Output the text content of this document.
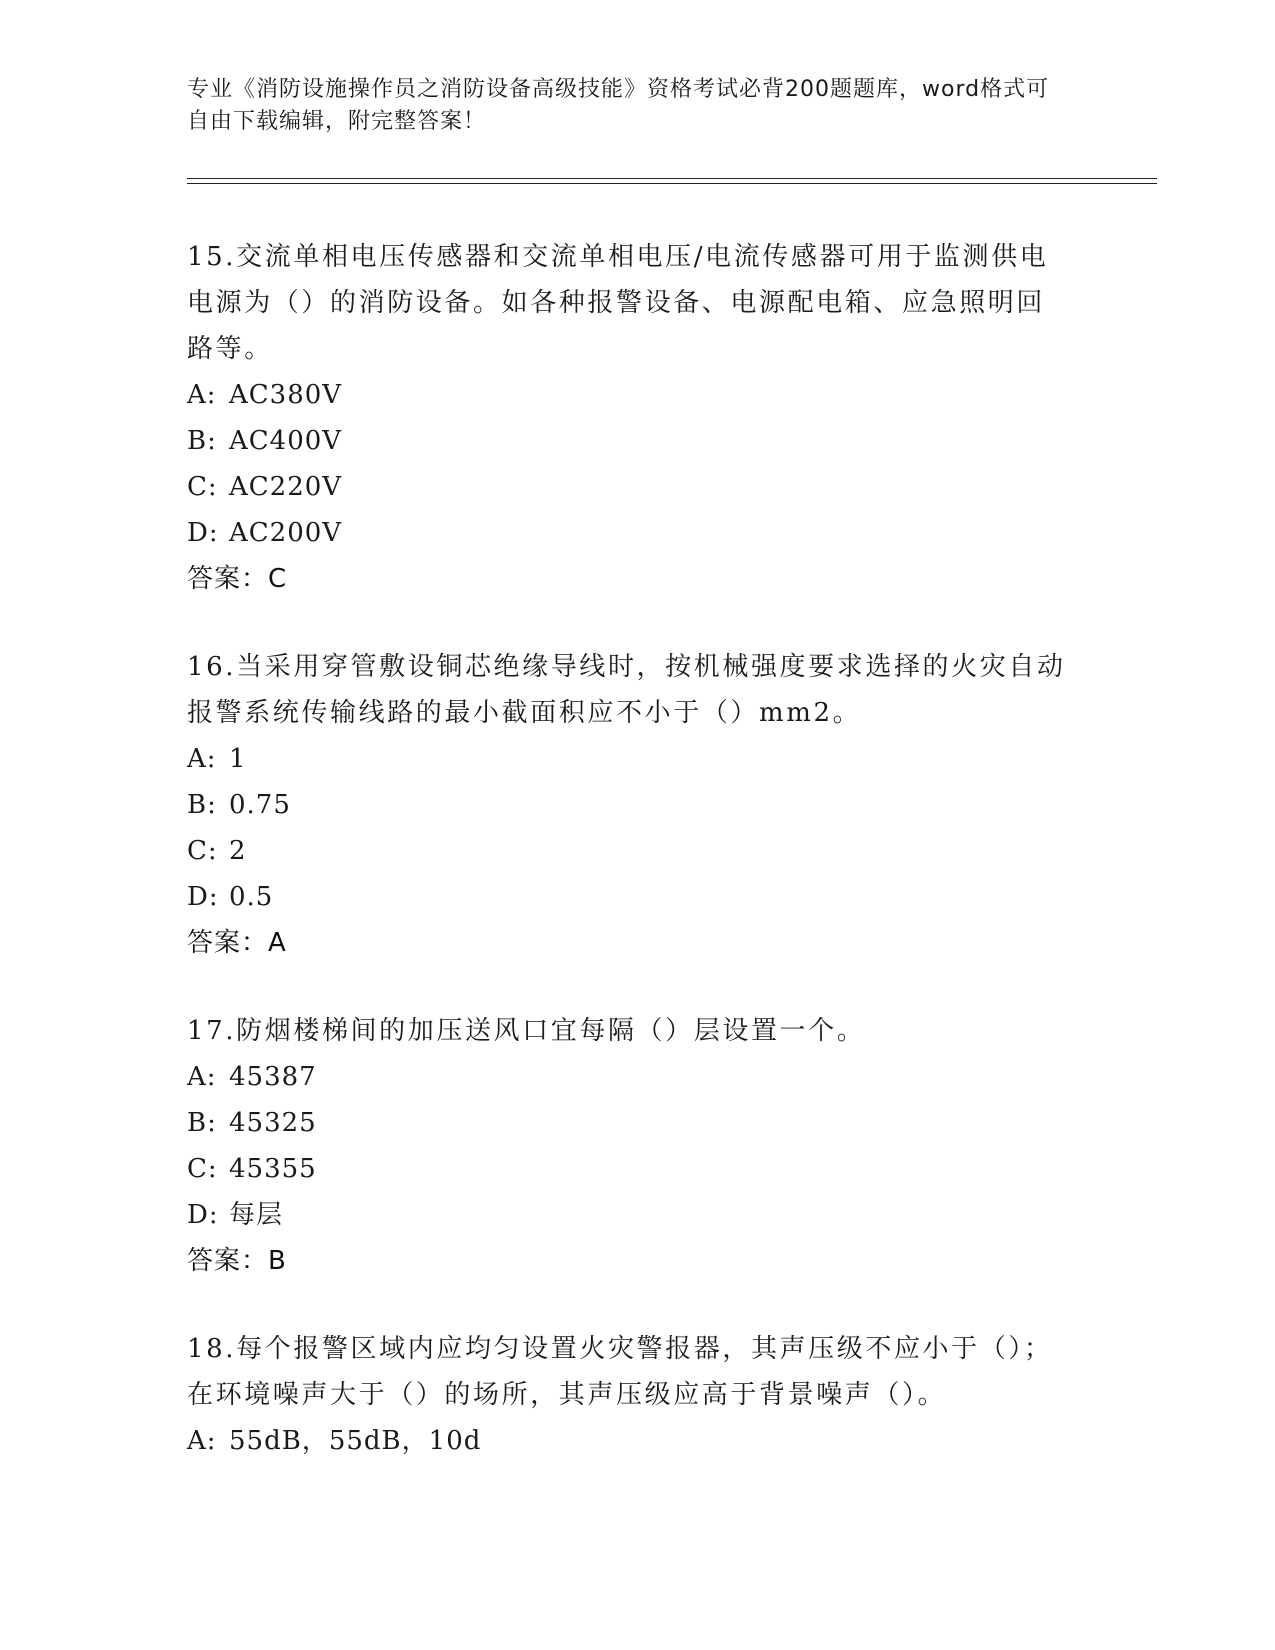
专业《消防设施操作员之消防设备高级技能》资格考试必背200题题库，word格式可自由下载编辑，附完整答案！

15.交流单相电压传感器和交流单相电压/电流传感器可用于监测供电电源为（）的消防设备。如各种报警设备、电源配电箱、应急照明回路等。

A: AC380V

B: AC400V

C: AC220V

D: AC200V

答案：C

16.当采用穿管敷设铜芯绝缘导线时，按机械强度要求选择的火灾自动报警系统传输线路的最小截面积应不小于（）mm2。

A: 1

B: 0.75

C: 2

D: 0.5

答案：A

17.防烟楼梯间的加压送风口宜每隔（）层设置一个。

A: 45387

B: 45325

C: 45355

D: 每层

答案：B

18.每个报警区域内应均匀设置火灾警报器，其声压级不应小于（）；在环境噪声大于（）的场所，其声压级应高于背景噪声（）。

A: 55dB，55dB，10d
